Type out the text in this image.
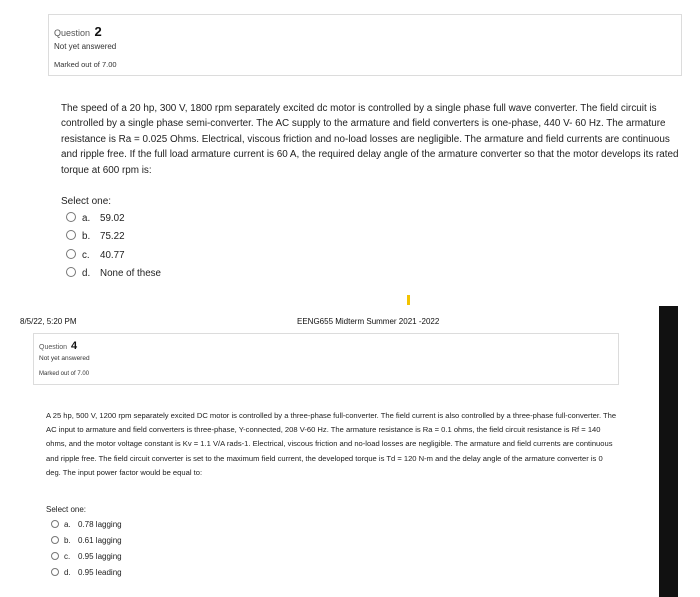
Question 2
Not yet answered
Marked out of 7.00
The speed of a 20 hp, 300 V, 1800 rpm separately excited dc motor is controlled by a single phase full wave converter. The field circuit is controlled by a single phase semi-converter. The AC supply to the armature and field converters is one-phase, 440 V- 60 Hz. The armature resistance is Ra = 0.025 Ohms. Electrical, viscous friction and no-load losses are negligible. The armature and field currents are continuous and ripple free. If the full load armature current is 60 A, the required delay angle of the armature converter so that the motor develops its rated torque at 600 rpm is:
Select one:
a. 59.02
b. 75.22
c. 40.77
d. None of these
8/5/22, 5:20 PM	EENG655 Midterm Summer 2021 -2022
Question 4
Not yet answered
Marked out of 7.00
A 25 hp, 500 V, 1200 rpm separately excited DC motor is controlled by a three-phase full-converter. The field current is also controlled by a three-phase full-converter. The AC input to armature and field converters is three-phase, Y-connected, 208 V-60 Hz. The armature resistance is Ra = 0.1 ohms, the field circuit resistance is Rf = 140 ohms, and the motor voltage constant is Kv = 1.1 V/A rads-1. Electrical, viscous friction and no-load losses are negligible. The armature and field currents are continuous and ripple free. The field circuit converter is set to the maximum field current, the developed torque is Td = 120 N-m and the delay angle of the armature converter is 0 deg. The input power factor would be equal to:
Select one:
a. 0.78 lagging
b. 0.61 lagging
c. 0.95 lagging
d. 0.95 leading
